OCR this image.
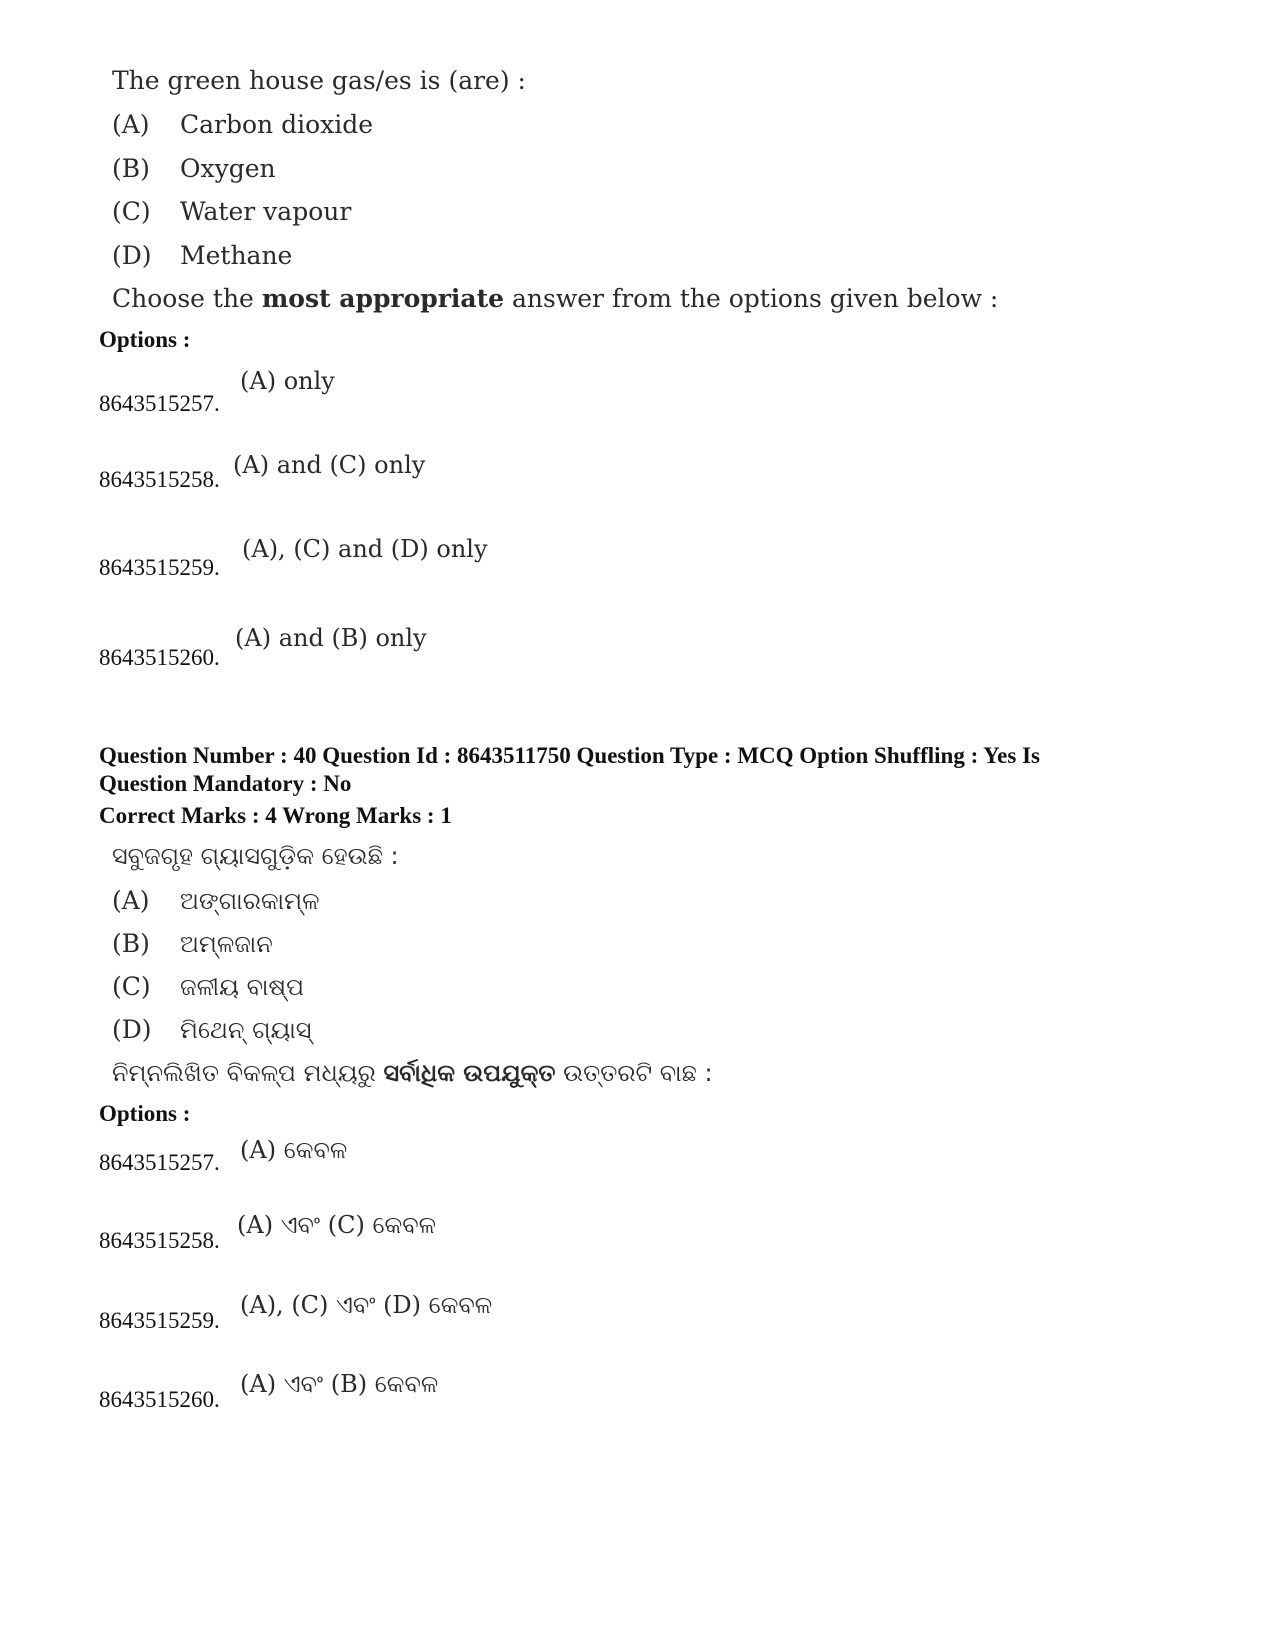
The green house gas/es is (are) :
(A) Carbon dioxide
(B) Oxygen
(C) Water vapour
(D) Methane
Choose the most appropriate answer from the options given below :
Options :
8643515257.
(A) only
8643515258.
(A) and (C) only
8643515259.
(A), (C) and (D) only
8643515260.
(A) and (B) only
Question Number : 40 Question Id : 8643511750 Question Type : MCQ Option Shuffling : Yes Is
Question Mandatory : No
Correct Marks : 4 Wrong Marks : 1
ସବୁଜଗୃହ ଗ୍ୟାସଗୁଡ଼ିକ ହେଉଛି :
(A) ଅଙ୍ଗାରକାମ୍ଳ
(B) ଅମ୍ଳଜାନ
(C) ଜଳୀୟ ବାଷ୍ପ
(D) ମିଥେନ୍ ଗ୍ୟାସ୍
ନିମ୍ନଲିଖିତ ବିକଳ୍ପ ମଧ୍ୟରୁ ସର୍ବାଧିକ ଉପଯୁକ୍ତ ଉତ୍ତରଟି ବାଛ :
Options :
8643515257. (A) କେବଳ
8643515258.
(A) ଏବଂ (C) କେବଳ
8643515259.
(A), (C) ଏବଂ (D) କେବଳ
8643515260.
(A) ଏବଂ (B) କେବଳ
